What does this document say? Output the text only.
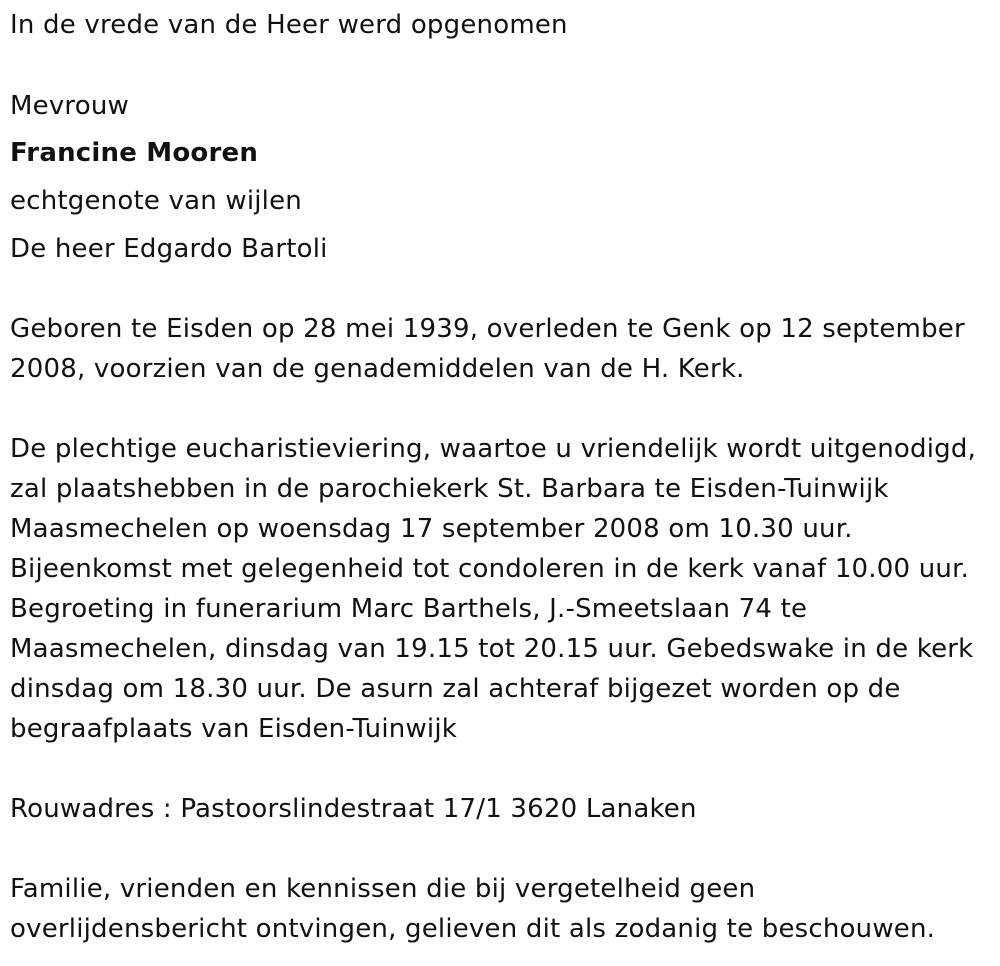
In de vrede van de Heer werd opgenomen
Mevrouw
Francine Mooren
echtgenote van wijlen
De heer Edgardo Bartoli
Geboren te Eisden op 28 mei 1939, overleden te Genk op 12 september
2008, voorzien van de genademiddelen van de H. Kerk.
De plechtige eucharistieviering, waartoe u vriendelijk wordt uitgenodigd,
zal plaatshebben in de parochiekerk St. Barbara te Eisden-Tuinwijk
Maasmechelen op woensdag 17 september 2008 om 10.30 uur.
Bijeenkomst met gelegenheid tot condoleren in de kerk vanaf 10.00 uur.
Begroeting in funerarium Marc Barthels, J.-Smeetslaan 74 te
Maasmechelen, dinsdag van 19.15 tot 20.15 uur. Gebedswake in de kerk
dinsdag om 18.30 uur. De asurn zal achteraf bijgezet worden op de
begraafplaats van Eisden-Tuinwijk
Rouwadres : Pastoorslindestraat 17/1 3620 Lanaken
Familie, vrienden en kennissen die bij vergetelheid geen
overlijdensbericht ontvingen, gelieven dit als zodanig te beschouwen.
